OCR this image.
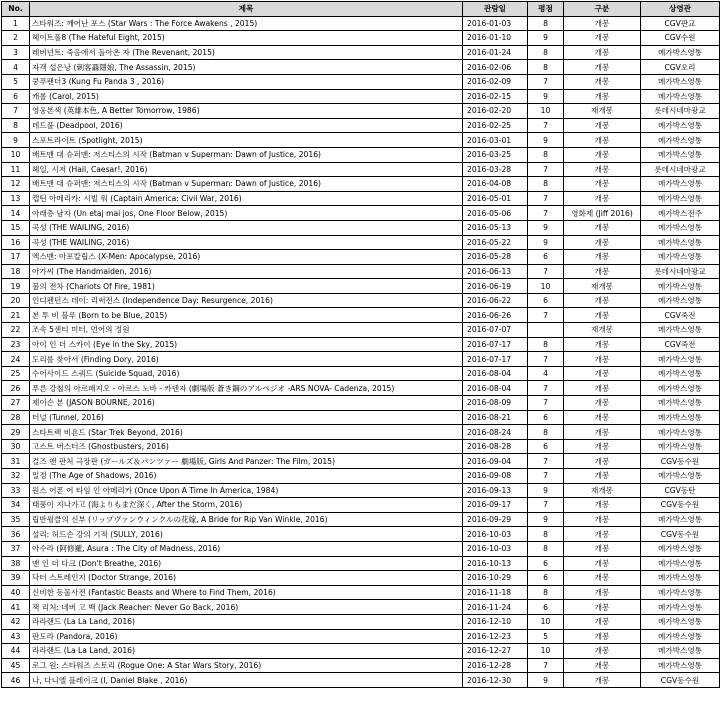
No.	제목	관람일	평점	구분	상영관
1	스타워즈: 깨어난 포스 (Star Wars : The Force Awakens , 2015)	2016-01-03	8	개봉	CGV판교
2	헤이트풀8 (The Hateful Eight, 2015)	2016-01-10	9	개봉	CGV수원
3	레버넌트: 죽음에서 돌아온 자 (The Revenant, 2015)	2016-01-24	8	개봉	메가박스영통
4	자객 섭은낭 (刺客聶隱娘, The Assassin, 2015)	2016-02-06	8	개봉	CGV오리
5	쿵푸팬더3 (Kung Fu Panda 3 , 2016)	2016-02-09	7	개봉	메가박스영통
6	캐롤 (Carol, 2015)	2016-02-15	9	개봉	메가박스영통
7	영웅본색 (英雄本色, A Better Tomorrow, 1986)	2016-02-20	10	재개봉	롯데시네마광교
8	데드풀 (Deadpool, 2016)	2016-02-25	7	개봉	메가박스영통
9	스포트라이트 (Spotlight, 2015)	2016-03-01	9	개봉	메가박스영통
10	배트맨 대 슈퍼맨: 저스티스의 시작 (Batman v Superman: Dawn of Justice, 2016)	2016-03-25	8	개봉	메가박스영통
11	헤일, 시저 (Hail, Caesar!, 2016)	2016-03-28	7	개봉	롯데시네마광교
12	배트맨 대 슈퍼맨: 저스티스의 시작 (Batman v Superman: Dawn of Justice, 2016)	2016-04-08	8	개봉	메가박스영통
13	캡틴 아메리카: 시빌 워 (Captain America: Civil War, 2016)	2016-05-01	7	개봉	메가박스영통
14	아래층 남자 (Un etaj mai jos, One Floor Below, 2015)	2016-05-06	7	영화제 (Jiff 2016)	메가박스전주
15	곡성 (THE WAILING, 2016)	2016-05-13	9	개봉	메가박스영통
16	곡성 (THE WAILING, 2016)	2016-05-22	9	개봉	메가박스영통
17	엑스맨: 아포칼립스 (X-Men: Apocalypse, 2016)	2016-05-28	6	개봉	메가박스영통
18	아가씨 (The Handmaiden, 2016)	2016-06-13	7	개봉	롯데시네마광교
19	불의 전차 (Chariots Of Fire, 1981)	2016-06-19	10	재개봉	메가박스영통
20	인디펜던스 데이: 리써전스 (Independence Day: Resurgence, 2016)	2016-06-22	6	개봉	메가박스영통
21	본 투 비 블루 (Born to be Blue, 2015)	2016-06-26	7	개봉	CGV죽전
22	조속 5센티 미터, 언어의 정원	2016-07-07		재개봉	메가박스영통
23	아이 인 더 스카이 (Eye in the Sky, 2015)	2016-07-17	8	개봉	CGV죽전
24	도리를 찾아서 (Finding Dory, 2016)	2016-07-17	7	개봉	메가박스영통
25	수어사이드 스쿼드 (Suicide Squad, 2016)	2016-08-04	4	개봉	메가박스영통
26	푸른 강철의 아르페지오 - 아르스 노바 - 카덴자 (劇場版 蒼き鋼のアルペジオ -ARS NOVA- Cadenza, 2015)	2016-08-04	7	개봉	메가박스영통
27	제이슨 본 (JASON BOURNE, 2016)	2016-08-09	7	개봉	메가박스영통
28	터널 (Tunnel, 2016)	2016-08-21	6	개봉	메가박스영통
29	스타트렉 비욘드 (Star Trek Beyond, 2016)	2016-08-24	8	개봉	메가박스영통
30	고스트 버스터즈 (Ghostbusters, 2016)	2016-08-28	6	개봉	메가박스영통
31	걸즈 앤 판처 극장판 (ガールズ＆パンツァー 劇場版, Girls And Panzer: The Film, 2015)	2016-09-04	7	개봉	CGV동수원
32	밀정 (The Age of Shadows, 2016)	2016-09-08	7	개봉	메가박스영통
33	원스 어폰 어 타임 인 아메리카 (Once Upon A Time In America, 1984)	2016-09-13	9	재개봉	CGV동탄
34	태풍이 지나가고 (海よりもまだ深く, After the Storm, 2016)	2016-09-17	7	개봉	CGV동수원
35	립반윙클의 신부 (リップヴァンウィンクルの花嫁, A Bride for Rip Van Winkle, 2016)	2016-09-29	9	개봉	메가박스영통
36	설리: 허드슨 강의 기적 (SULLY, 2016)	2016-10-03	8	개봉	CGV동수원
37	아수라 (阿修羅, Asura : The City of Madness, 2016)	2016-10-03	8	개봉	메가박스영통
38	맨 인 더 다크 (Don't Breathe, 2016)	2016-10-13	6	개봉	메가박스영통
39	닥터 스트레인지 (Doctor Strange, 2016)	2016-10-29	6	개봉	메가박스영통
40	신비한 동물사전 (Fantastic Beasts and Where to Find Them, 2016)	2016-11-18	8	개봉	메가박스영통
41	잭 리처: 네버 고 백 (Jack Reacher: Never Go Back, 2016)	2016-11-24	6	개봉	메가박스영통
42	라라랜드 (La La Land, 2016)	2016-12-10	10	개봉	메가박스영통
43	판도라 (Pandora, 2016)	2016-12-23	5	개봉	메가박스영통
44	라라랜드 (La La Land, 2016)	2016-12-27	10	개봉	메가박스영통
45	로그 원: 스타워즈 스토리 (Rogue One: A Star Wars Story, 2016)	2016-12-28	7	개봉	메가박스영통
46	나, 다니엘 블레이크 (I, Daniel Blake , 2016)	2016-12-30	9	개봉	CGV동수원
